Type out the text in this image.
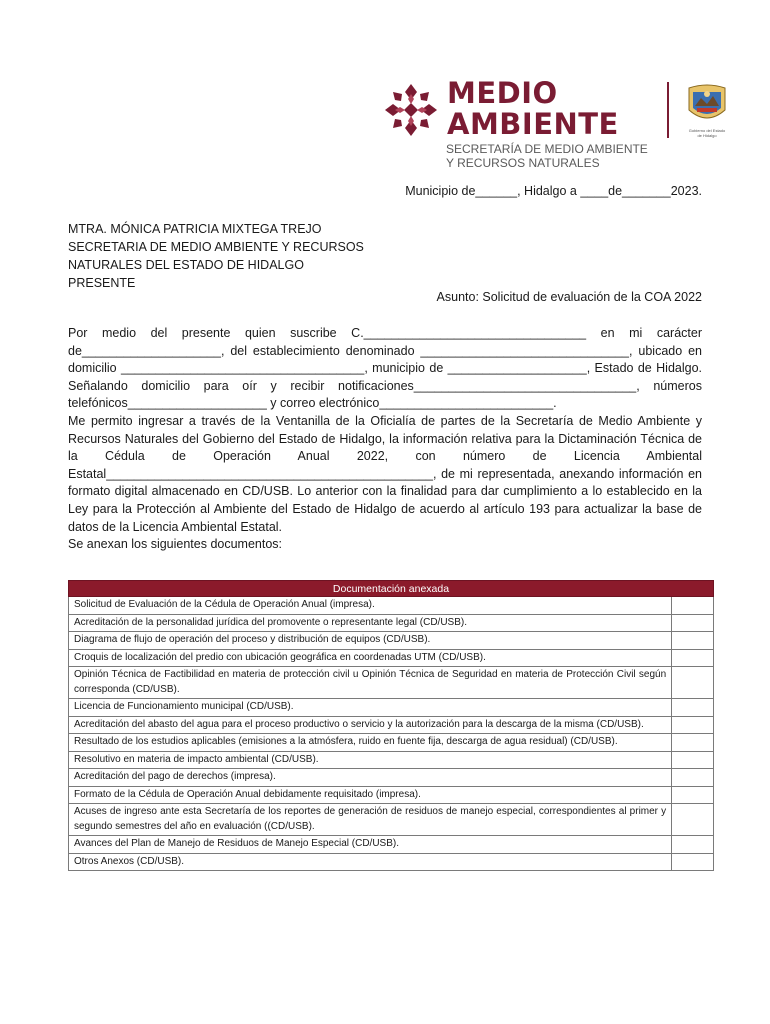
MEDIO
AMBIENTE
SECRETARÍA DE MEDIO AMBIENTE
Y RECURSOS NATURALES
Gobierno del Estado
de Hidalgo
Municipio de______, Hidalgo a ____de_______2023.
MTRA. MÓNICA PATRICIA MIXTEGA TREJO
SECRETARIA DE MEDIO AMBIENTE Y RECURSOS
NATURALES DEL ESTADO DE HIDALGO
PRESENTE
Asunto: Solicitud de evaluación de la COA 2022

Por medio del presente quien suscribe C.________________________________ en mi carácter de____________________, del establecimiento denominado ______________________________, ubicado en domicilio ___________________________________, municipio de ____________________, Estado de Hidalgo. Señalando domicilio para oír y recibir notificaciones________________________________, números telefónicos____________________ y correo electrónico_________________________.

Me permito ingresar a través de la Ventanilla de la Oficialía de partes de la Secretaría de Medio Ambiente y Recursos Naturales del Gobierno del Estado de Hidalgo, la información relativa para la Dictaminación Técnica de la Cédula de Operación Anual 2022, con número de Licencia Ambiental Estatal_______________________________________________, de mi representada, anexando información en formato digital almacenado en CD/USB. Lo anterior con la finalidad para dar cumplimiento a lo establecido en la Ley para la Protección al Ambiente del Estado de Hidalgo de acuerdo al artículo 193 para actualizar la base de datos de la Licencia Ambiental Estatal.

Se anexan los siguientes documentos:

Documentación anexada	
Solicitud de Evaluación de la Cédula de Operación Anual (impresa).	
Acreditación de la personalidad jurídica del promovente o representante legal (CD/USB).	
Diagrama de flujo de operación del proceso y distribución de equipos (CD/USB).	
Croquis de localización del predio con ubicación geográfica en coordenadas UTM (CD/USB).	
Opinión Técnica de Factibilidad en materia de protección civil u Opinión Técnica de Seguridad en materia de Protección Civil según corresponda (CD/USB).	
Licencia de Funcionamiento municipal (CD/USB).	
Acreditación del abasto del agua para el proceso productivo o servicio y la autorización para la descarga de la misma (CD/USB).	
Resultado de los estudios aplicables (emisiones a la atmósfera, ruido en fuente fija, descarga de agua residual) (CD/USB).	
Resolutivo en materia de impacto ambiental (CD/USB).	
Acreditación del pago de derechos (impresa).	
Formato de la Cédula de Operación Anual debidamente requisitado (impresa).	
Acuses de ingreso ante esta Secretaría de los reportes de generación de residuos de manejo especial, correspondientes al primer y segundo semestres del año en evaluación ((CD/USB).	
Avances del Plan de Manejo de Residuos de Manejo Especial (CD/USB).	
Otros Anexos (CD/USB).	
